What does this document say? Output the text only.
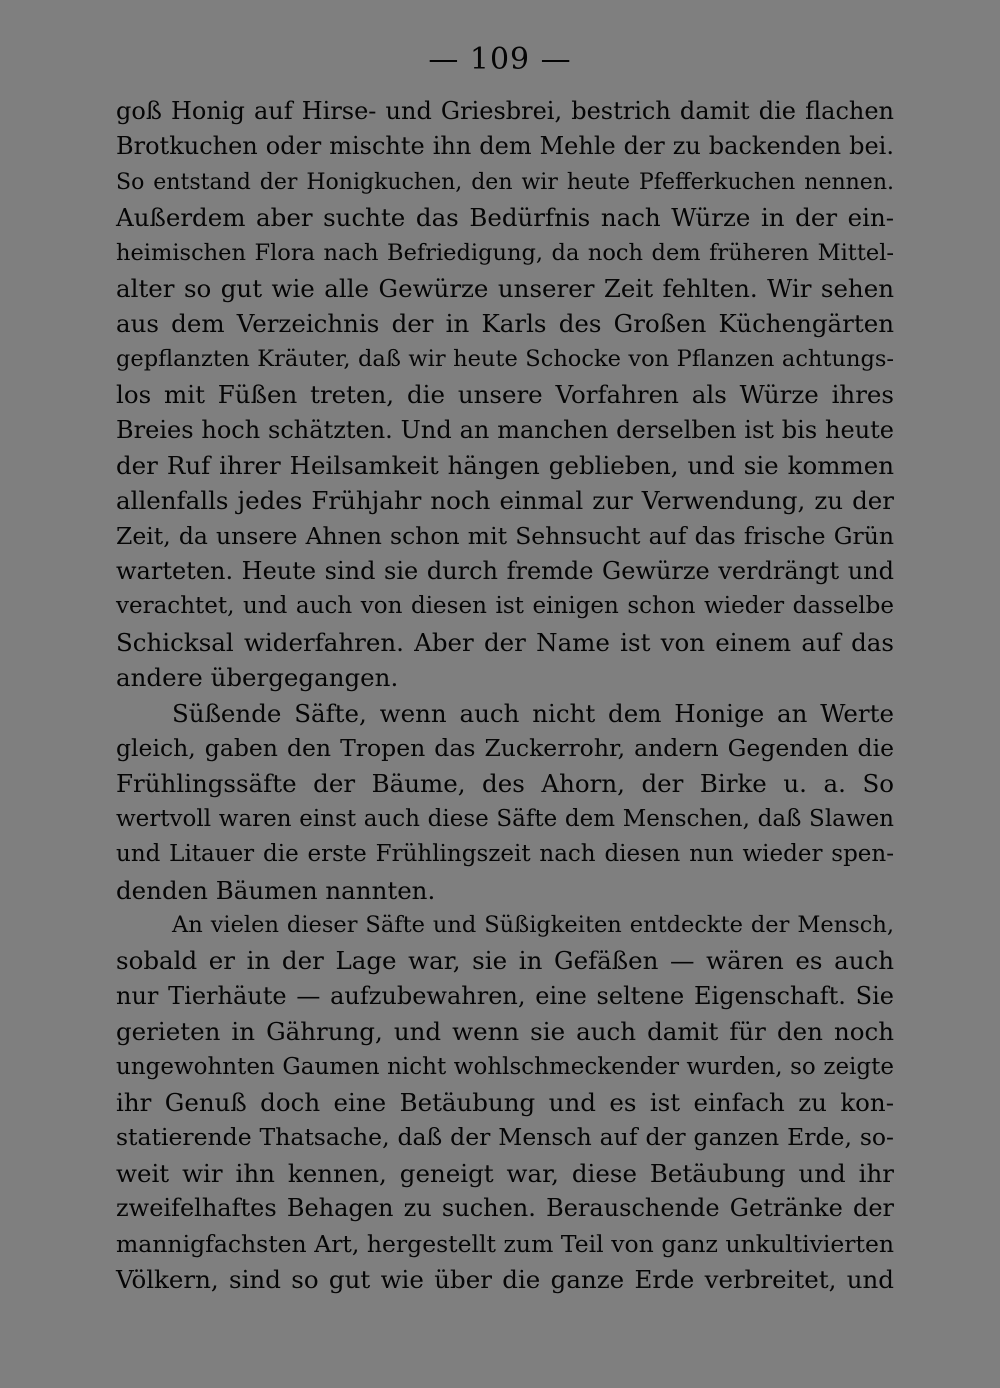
— 109 —
goß Honig auf Hirse- und Griesbrei, bestrich damit die flachen
Brotkuchen oder mischte ihn dem Mehle der zu backenden bei.
So entstand der Honigkuchen, den wir heute Pfefferkuchen nennen.
Außerdem aber suchte das Bedürfnis nach Würze in der ein-
heimischen Flora nach Befriedigung, da noch dem früheren Mittel-
alter so gut wie alle Gewürze unserer Zeit fehlten. Wir sehen
aus dem Verzeichnis der in Karls des Großen Küchengärten
gepflanzten Kräuter, daß wir heute Schocke von Pflanzen achtungs-
los mit Füßen treten, die unsere Vorfahren als Würze ihres
Breies hoch schätzten. Und an manchen derselben ist bis heute
der Ruf ihrer Heilsamkeit hängen geblieben, und sie kommen
allenfalls jedes Frühjahr noch einmal zur Verwendung, zu der
Zeit, da unsere Ahnen schon mit Sehnsucht auf das frische Grün
warteten. Heute sind sie durch fremde Gewürze verdrängt und
verachtet, und auch von diesen ist einigen schon wieder dasselbe
Schicksal widerfahren. Aber der Name ist von einem auf das
andere übergegangen.
Süßende Säfte, wenn auch nicht dem Honige an Werte
gleich, gaben den Tropen das Zuckerrohr, andern Gegenden die
Frühlingssäfte der Bäume, des Ahorn, der Birke u. a. So
wertvoll waren einst auch diese Säfte dem Menschen, daß Slawen
und Litauer die erste Frühlingszeit nach diesen nun wieder spen-
denden Bäumen nannten.
An vielen dieser Säfte und Süßigkeiten entdeckte der Mensch,
sobald er in der Lage war, sie in Gefäßen — wären es auch
nur Tierhäute — aufzubewahren, eine seltene Eigenschaft. Sie
gerieten in Gährung, und wenn sie auch damit für den noch
ungewohnten Gaumen nicht wohlschmeckender wurden, so zeigte
ihr Genuß doch eine Betäubung und es ist einfach zu kon-
statierende Thatsache, daß der Mensch auf der ganzen Erde, so-
weit wir ihn kennen, geneigt war, diese Betäubung und ihr
zweifelhaftes Behagen zu suchen. Berauschende Getränke der
mannigfachsten Art, hergestellt zum Teil von ganz unkultivierten
Völkern, sind so gut wie über die ganze Erde verbreitet, und
